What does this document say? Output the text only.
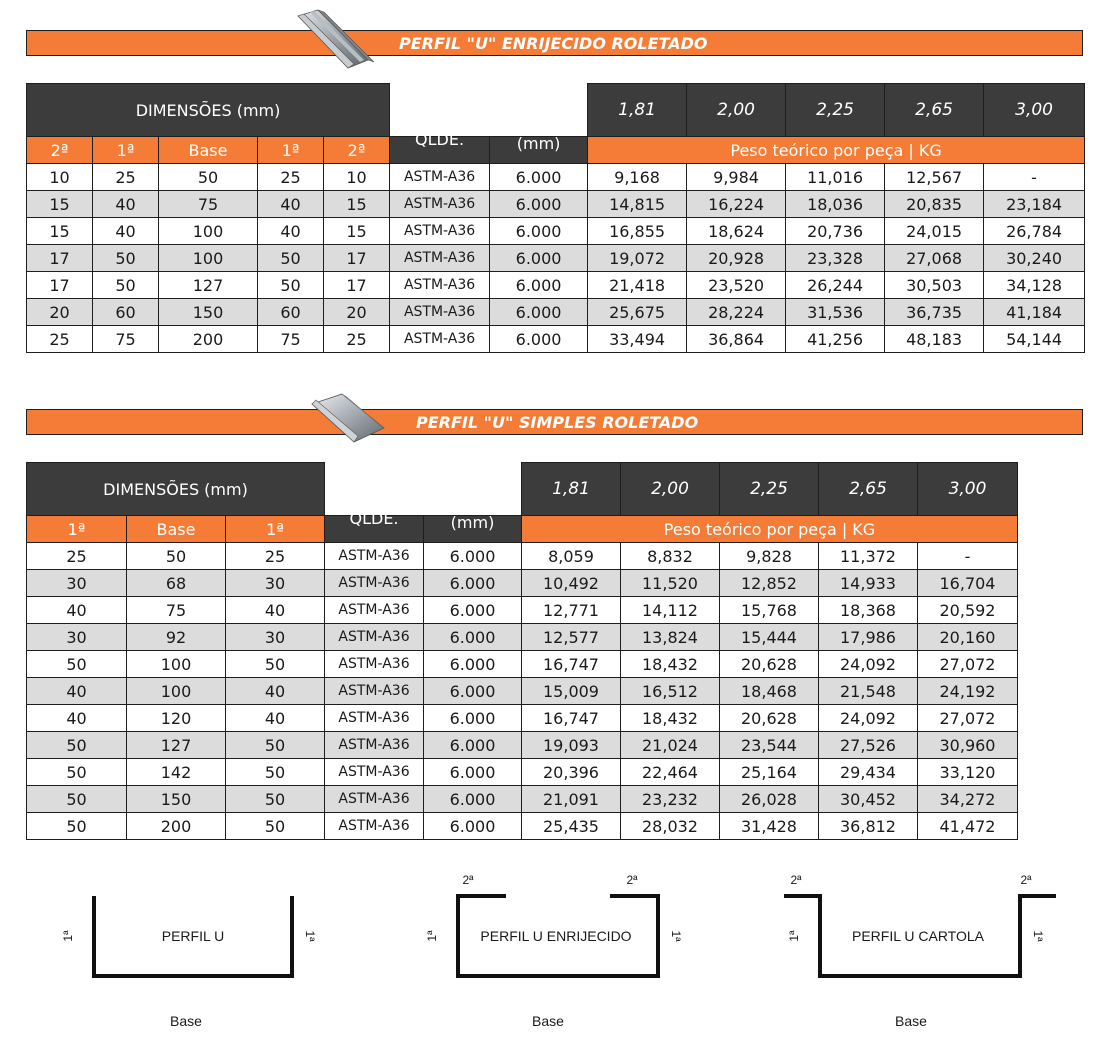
PERFIL "U" ENRIJECIDO ROLETADO
DIMENSÕES (mm)							1,81	2,00	2,25	2,65	3,00
2ª	1ª	Base	1ª	2ª	QLDE.	COMP.
(mm)	Peso teórico por peça | KG				
10	25	50	25	10	ASTM-A36	6.000	9,168	9,984	11,016	12,567	-
15	40	75	40	15	ASTM-A36	6.000	14,815	16,224	18,036	20,835	23,184
15	40	100	40	15	ASTM-A36	6.000	16,855	18,624	20,736	24,015	26,784
17	50	100	50	17	ASTM-A36	6.000	19,072	20,928	23,328	27,068	30,240
17	50	127	50	17	ASTM-A36	6.000	21,418	23,520	26,244	30,503	34,128
20	60	150	60	20	ASTM-A36	6.000	25,675	28,224	31,536	36,735	41,184
25	75	200	75	25	ASTM-A36	6.000	33,494	36,864	41,256	48,183	54,144
PERFIL "U" SIMPLES ROLETADO
DIMENSÕES (mm)					1,81	2,00	2,25	2,65	3,00
1ª	Base	1ª	QLDE.	COMP.
(mm)	Peso teórico por peça | KG				
25	50	25	ASTM-A36	6.000	8,059	8,832	9,828	11,372	-
30	68	30	ASTM-A36	6.000	10,492	11,520	12,852	14,933	16,704
40	75	40	ASTM-A36	6.000	12,771	14,112	15,768	18,368	20,592
30	92	30	ASTM-A36	6.000	12,577	13,824	15,444	17,986	20,160
50	100	50	ASTM-A36	6.000	16,747	18,432	20,628	24,092	27,072
40	100	40	ASTM-A36	6.000	15,009	16,512	18,468	21,548	24,192
40	120	40	ASTM-A36	6.000	16,747	18,432	20,628	24,092	27,072
50	127	50	ASTM-A36	6.000	19,093	21,024	23,544	27,526	30,960
50	142	50	ASTM-A36	6.000	20,396	22,464	25,164	29,434	33,120
50	150	50	ASTM-A36	6.000	21,091	23,232	26,028	30,452	34,272
50	200	50	ASTM-A36	6.000	25,435	28,032	31,428	36,812	41,472
PERFIL U
1ª	1ª
Base
2ª	2ª
PERFIL U ENRIJECIDO
1ª	1ª
Base
2ª	2ª
PERFIL U CARTOLA
1ª	1ª
Base
